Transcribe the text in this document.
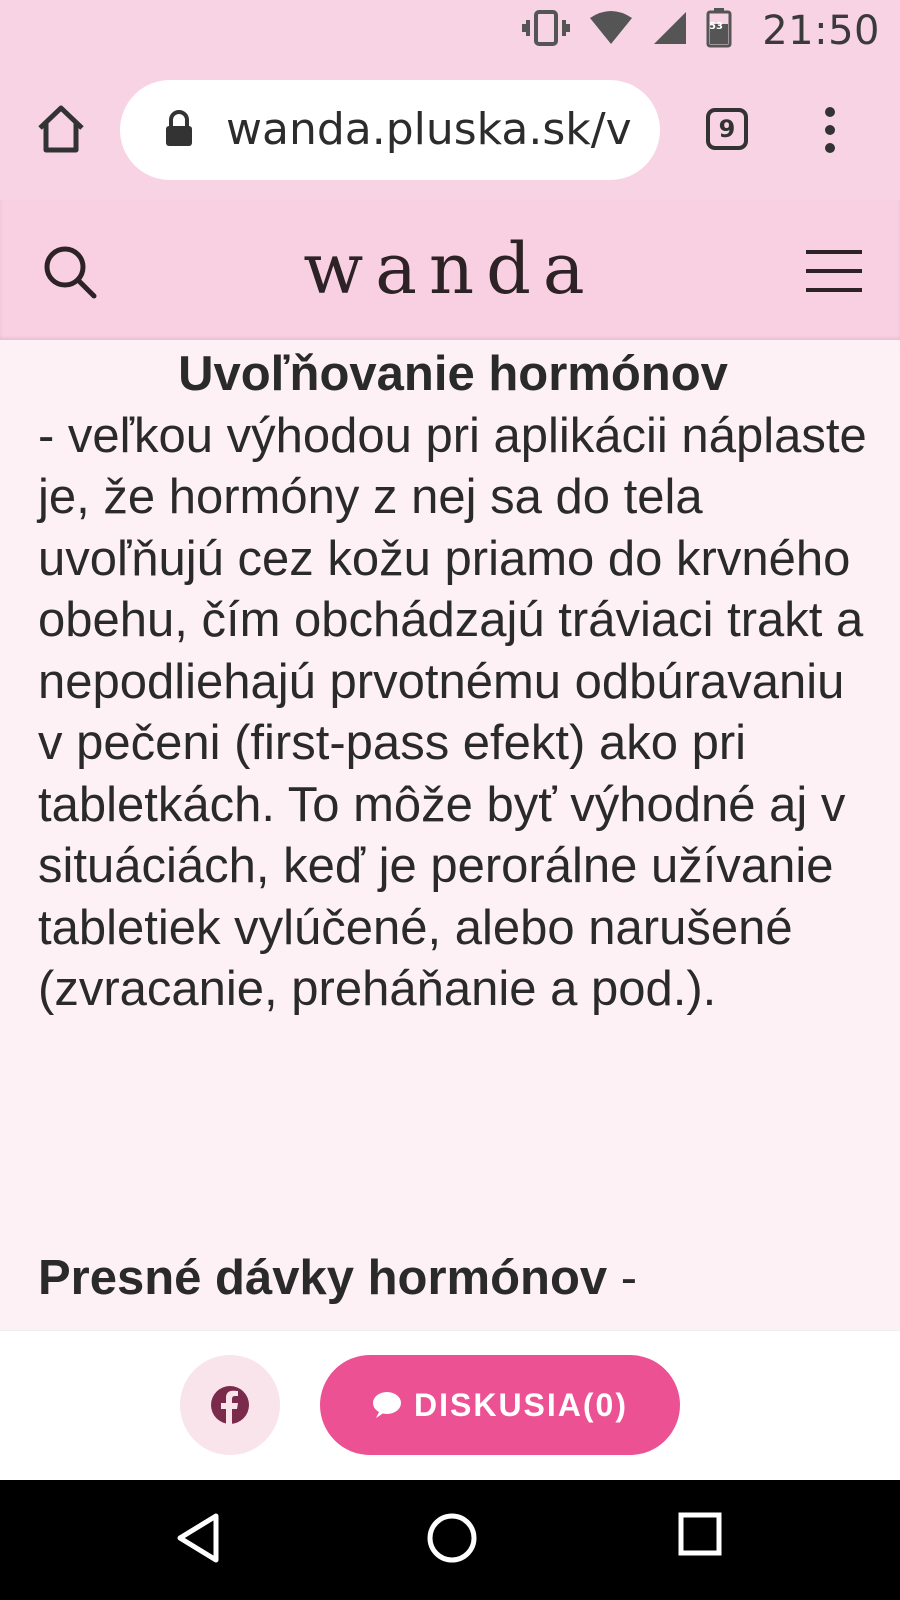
53 21:50
wanda.pluska.sk/v	9
wanda
Uvoľňovanie hormónov
- veľkou výhodou pri aplikácii náplaste je, že hormóny z nej sa do tela uvoľňujú cez kožu priamo do krvného obehu, čím obchádzajú tráviaci trakt a nepodliehajú prvotnému odbúravaniu v pečeni (first-pass efekt) ako pri tabletkách. To môže byť výhodné aj v situáciách, keď je perorálne užívanie tabletiek vylúčené, alebo narušené (zvracanie, preháňanie a pod.).
Presné dávky hormónov -
DISKUSIA(0)
